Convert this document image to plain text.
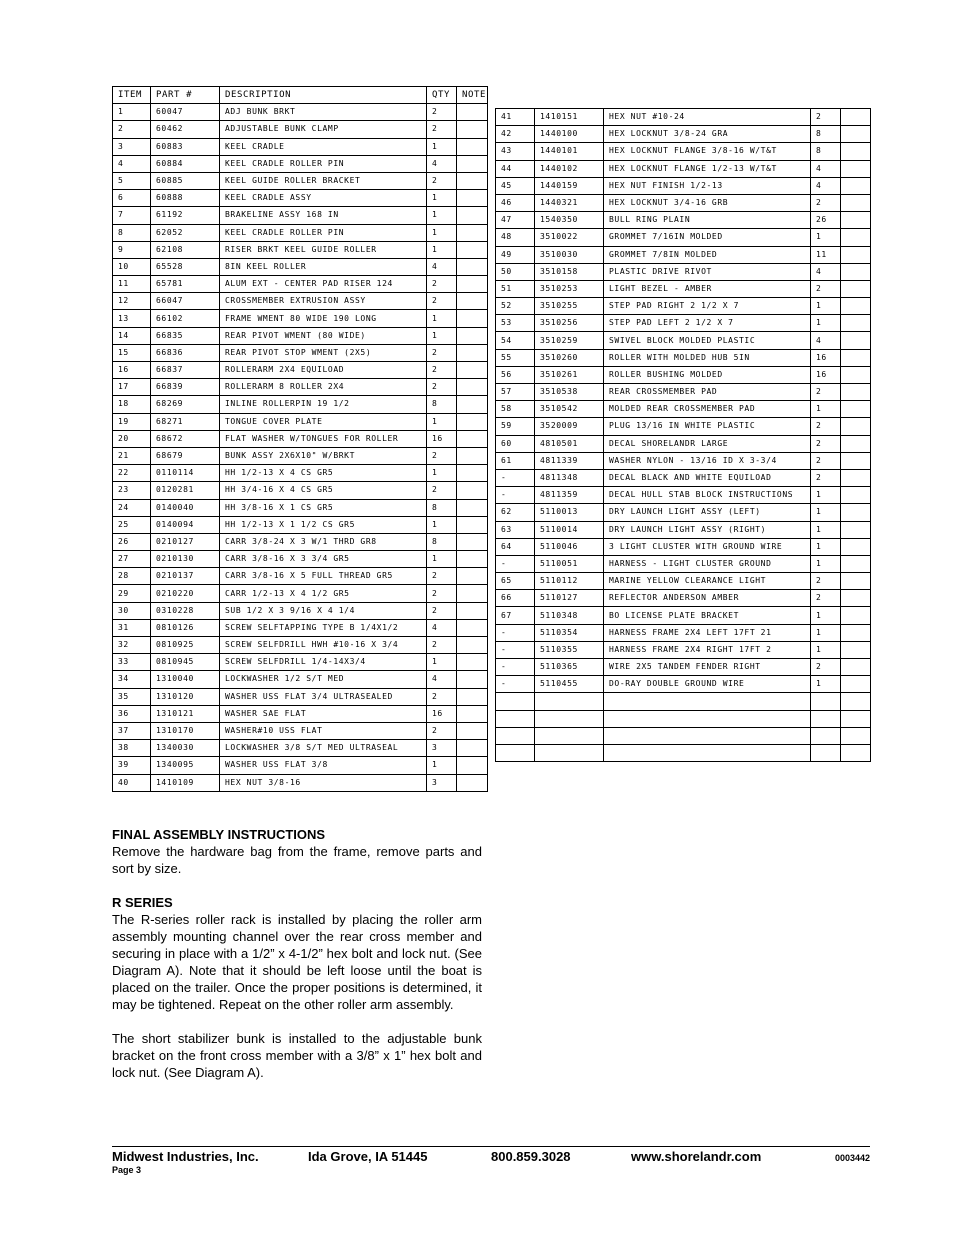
ITEM	PART #	DESCRIPTION	QTY	NOTE
1	60047	ADJ BUNK BRKT	2	
2	60462	ADJUSTABLE BUNK CLAMP	2	
3	60883	KEEL CRADLE	1	
4	60884	KEEL CRADLE ROLLER PIN	4	
5	60885	KEEL GUIDE ROLLER BRACKET	2	
6	60888	KEEL CRADLE ASSY	1	
7	61192	BRAKELINE ASSY 168 IN	1	
8	62052	KEEL CRADLE ROLLER PIN	1	
9	62108	RISER BRKT KEEL GUIDE ROLLER	1	
10	65528	8IN KEEL ROLLER	4	
11	65781	ALUM EXT - CENTER PAD RISER 124	2	
12	66047	CROSSMEMBER EXTRUSION ASSY	2	
13	66102	FRAME WMENT 80 WIDE 190 LONG	1	
14	66835	REAR PIVOT WMENT (80 WIDE)	1	
15	66836	REAR PIVOT STOP WMENT (2X5)	2	
16	66837	ROLLERARM 2X4 EQUILOAD	2	
17	66839	ROLLERARM 8 ROLLER 2X4	2	
18	68269	INLINE ROLLERPIN 19 1/2	8	
19	68271	TONGUE COVER PLATE	1	
20	68672	FLAT WASHER W/TONGUES FOR ROLLER	16	
21	68679	BUNK ASSY 2X6X10" W/BRKT	2	
22	0110114	HH 1/2-13 X 4 CS GR5	1	
23	0120281	HH 3/4-16 X 4 CS GR5	2	
24	0140040	HH 3/8-16 X 1 CS GR5	8	
25	0140094	HH 1/2-13 X 1 1/2 CS GR5	1	
26	0210127	CARR 3/8-24 X 3 W/1 THRD GR8	8	
27	0210130	CARR 3/8-16 X 3 3/4 GR5	1	
28	0210137	CARR 3/8-16 X 5 FULL THREAD GR5	2	
29	0210220	CARR 1/2-13 X 4 1/2 GR5	2	
30	0310228	SUB 1/2 X 3 9/16 X 4 1/4	2	
31	0810126	SCREW SELFTAPPING TYPE B 1/4X1/2	4	
32	0810925	SCREW SELFDRILL HWH #10-16 X 3/4	2	
33	0810945	SCREW SELFDRILL 1/4-14X3/4	1	
34	1310040	LOCKWASHER 1/2 S/T MED	4	
35	1310120	WASHER USS FLAT 3/4 ULTRASEALED	2	
36	1310121	WASHER SAE FLAT	16	
37	1310170	WASHER#10 USS FLAT	2	
38	1340030	LOCKWASHER 3/8 S/T MED ULTRASEAL	3	
39	1340095	WASHER USS FLAT 3/8	1	
40	1410109	HEX NUT 3/8-16	3	
41	1410151	HEX NUT #10-24	2	
42	1440100	HEX LOCKNUT 3/8-24 GRA	8	
43	1440101	HEX LOCKNUT FLANGE 3/8-16 W/T&T	8	
44	1440102	HEX LOCKNUT FLANGE 1/2-13 W/T&T	4	
45	1440159	HEX NUT FINISH 1/2-13	4	
46	1440321	HEX LOCKNUT 3/4-16 GRB	2	
47	1540350	BULL RING PLAIN	26	
48	3510022	GROMMET 7/16IN MOLDED	1	
49	3510030	GROMMET 7/8IN MOLDED	11	
50	3510158	PLASTIC DRIVE RIVOT	4	
51	3510253	LIGHT BEZEL - AMBER	2	
52	3510255	STEP PAD RIGHT 2 1/2 X 7	1	
53	3510256	STEP PAD LEFT 2 1/2 X 7	1	
54	3510259	SWIVEL BLOCK MOLDED PLASTIC	4	
55	3510260	ROLLER WITH MOLDED HUB 5IN	16	
56	3510261	ROLLER BUSHING MOLDED	16	
57	3510538	REAR CROSSMEMBER PAD	2	
58	3510542	MOLDED REAR CROSSMEMBER PAD	1	
59	3520009	PLUG 13/16 IN WHITE PLASTIC	2	
60	4810501	DECAL SHORELANDR LARGE	2	
61	4811339	WASHER NYLON - 13/16 ID X 3-3/4	2	
-	4811348	DECAL BLACK AND WHITE EQUILOAD	2	
-	4811359	DECAL HULL STAB BLOCK INSTRUCTIONS	1	
62	5110013	DRY LAUNCH LIGHT ASSY (LEFT)	1	
63	5110014	DRY LAUNCH LIGHT ASSY (RIGHT)	1	
64	5110046	3 LIGHT CLUSTER WITH GROUND WIRE	1	
-	5110051	HARNESS - LIGHT CLUSTER GROUND	1	
65	5110112	MARINE YELLOW CLEARANCE LIGHT	2	
66	5110127	REFLECTOR ANDERSON AMBER	2	
67	5110348	BO LICENSE PLATE BRACKET	1	
-	5110354	HARNESS FRAME 2X4 LEFT 17FT 21	1	
-	5110355	HARNESS FRAME 2X4 RIGHT 17FT 2	1	
-	5110365	WIRE 2X5 TANDEM FENDER RIGHT	2	
-	5110455	DO-RAY DOUBLE GROUND WIRE	1	

FINAL ASSEMBLY INSTRUCTIONS

Remove the hardware bag from the frame, remove parts and sort by size.

R SERIES

The R-series roller rack is installed by placing the roller arm assembly mounting channel over the rear cross member and securing in place with a 1/2” x 4-1/2” hex bolt and lock nut. (See Diagram A). Note that it should be left loose until the boat is placed on the trailer. Once the proper positions is determined, it may be tightened. Repeat on the other roller arm assembly.

The short stabilizer bunk is installed to the adjustable bunk bracket on the front cross member with a 3/8” x 1” hex bolt and lock nut. (See Diagram A).

Midwest Industries, Inc.	Ida Grove, IA 51445	800.859.3028	www.shorelandr.com	0003442
Page 3
